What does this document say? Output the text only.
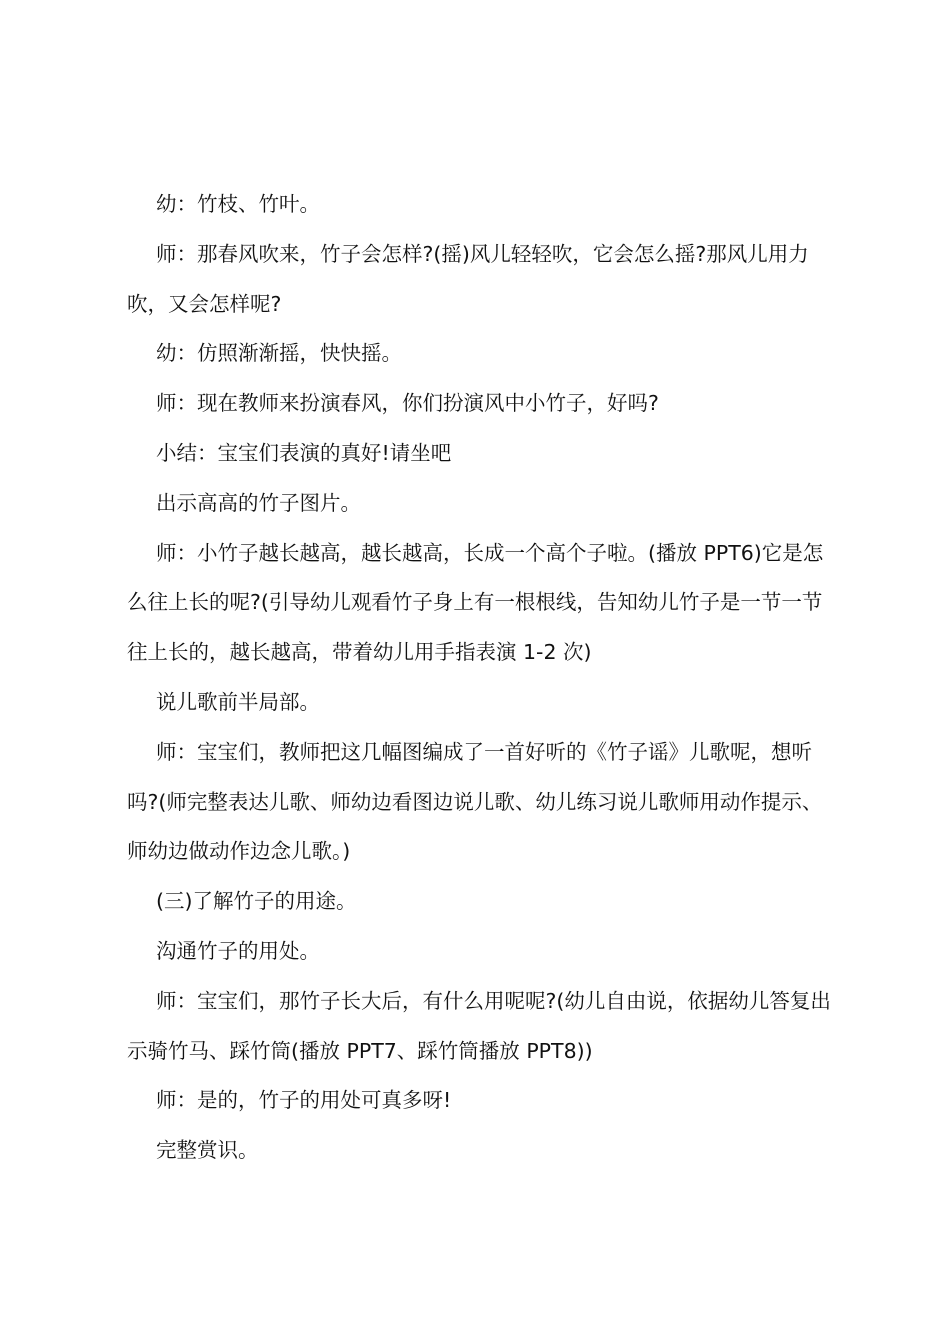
幼：竹枝、竹叶。

师：那春风吹来，竹子会怎样?(摇)风儿轻轻吹，它会怎么摇?那风儿用力吹，又会怎样呢?

幼：仿照渐渐摇，快快摇。

师：现在教师来扮演春风，你们扮演风中小竹子，好吗?

小结：宝宝们表演的真好!请坐吧

出示高高的竹子图片。

师：小竹子越长越高，越长越高，长成一个高个子啦。(播放 PPT6)它是怎么往上长的呢?(引导幼儿观看竹子身上有一根根线，告知幼儿竹子是一节一节往上长的，越长越高，带着幼儿用手指表演 1-2 次)

说儿歌前半局部。

师：宝宝们，教师把这几幅图编成了一首好听的《竹子谣》儿歌呢，想听吗?(师完整表达儿歌、师幼边看图边说儿歌、幼儿练习说儿歌师用动作提示、师幼边做动作边念儿歌。)

(三)了解竹子的用途。

沟通竹子的用处。

师：宝宝们，那竹子长大后，有什么用呢呢?(幼儿自由说，依据幼儿答复出示骑竹马、踩竹筒(播放 PPT7、踩竹筒播放 PPT8))

师：是的，竹子的用处可真多呀!

完整赏识。
